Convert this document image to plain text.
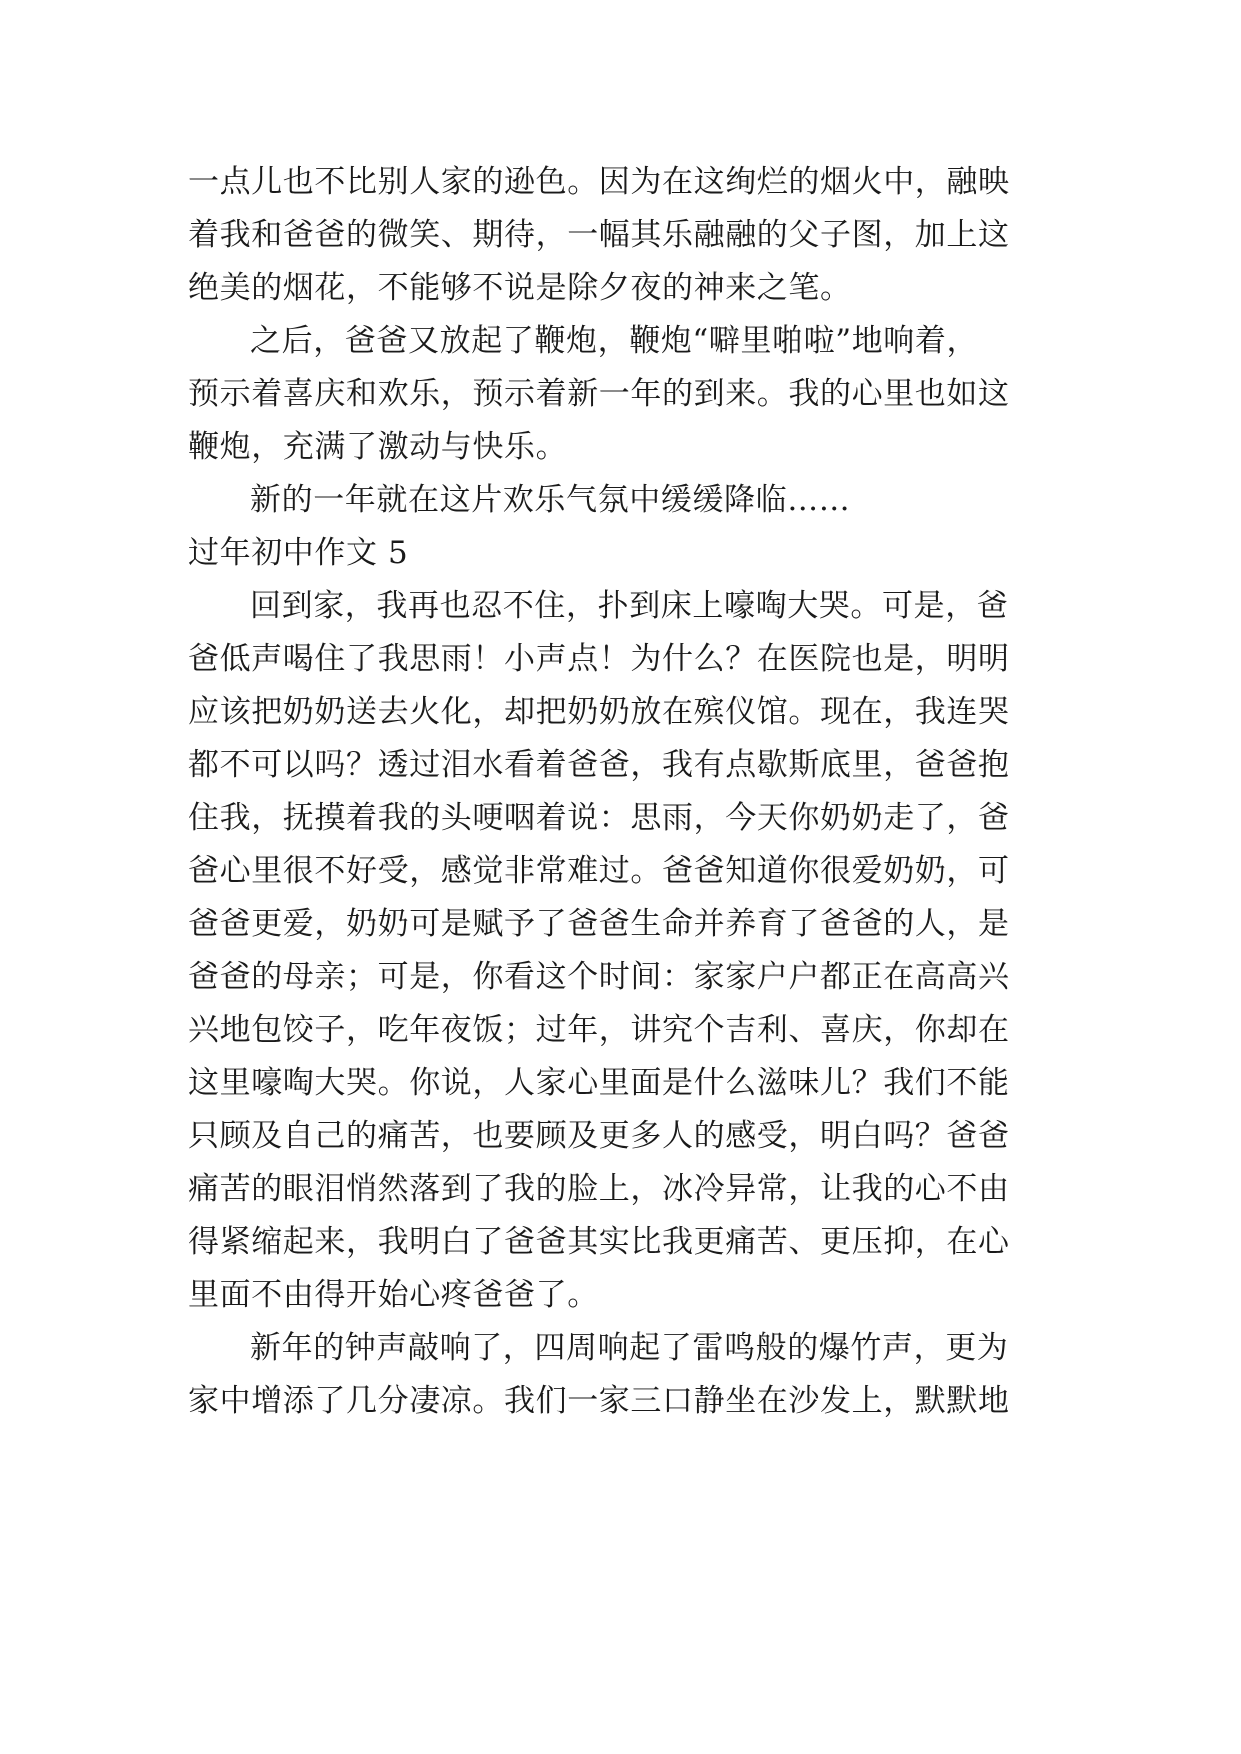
一点儿也不比别人家的逊色。因为在这绚烂的烟火中，融映
着我和爸爸的微笑、期待，一幅其乐融融的父子图，加上这
绝美的烟花，不能够不说是除夕夜的神来之笔。
之后，爸爸又放起了鞭炮，鞭炮“噼里啪啦”地响着，
预示着喜庆和欢乐，预示着新一年的到来。我的心里也如这
鞭炮，充满了激动与快乐。
新的一年就在这片欢乐气氛中缓缓降临……
过年初中作文 5
回到家，我再也忍不住，扑到床上嚎啕大哭。可是，爸
爸低声喝住了我思雨！小声点！为什么？在医院也是，明明
应该把奶奶送去火化，却把奶奶放在殡仪馆。现在，我连哭
都不可以吗？透过泪水看着爸爸，我有点歇斯底里，爸爸抱
住我，抚摸着我的头哽咽着说：思雨，今天你奶奶走了，爸
爸心里很不好受，感觉非常难过。爸爸知道你很爱奶奶，可
爸爸更爱，奶奶可是赋予了爸爸生命并养育了爸爸的人，是
爸爸的母亲；可是，你看这个时间：家家户户都正在高高兴
兴地包饺子，吃年夜饭；过年，讲究个吉利、喜庆，你却在
这里嚎啕大哭。你说，人家心里面是什么滋味儿？我们不能
只顾及自己的痛苦，也要顾及更多人的感受，明白吗？爸爸
痛苦的眼泪悄然落到了我的脸上，冰冷异常，让我的心不由
得紧缩起来，我明白了爸爸其实比我更痛苦、更压抑，在心
里面不由得开始心疼爸爸了。
新年的钟声敲响了，四周响起了雷鸣般的爆竹声，更为
家中增添了几分凄凉。我们一家三口静坐在沙发上，默默地
